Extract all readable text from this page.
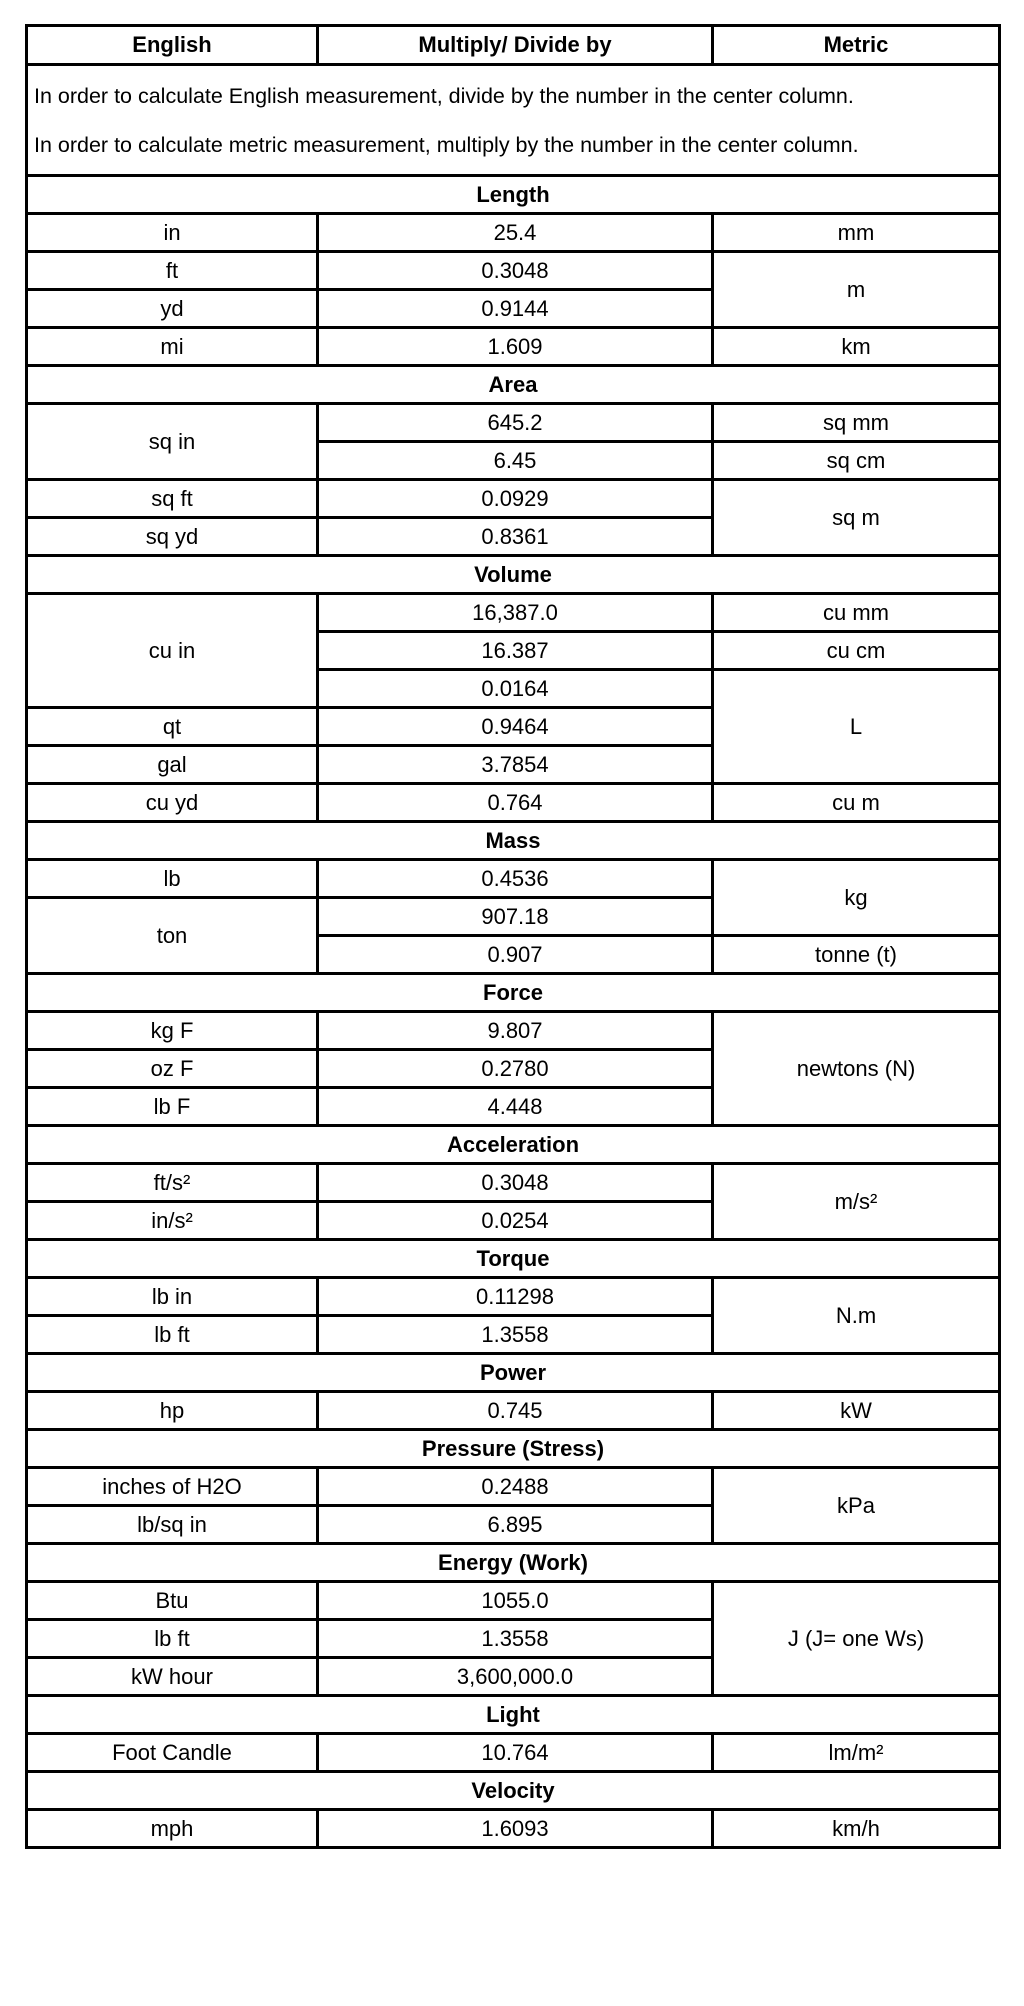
English	Multiply/ Divide by	Metric

In order to calculate English measurement, divide by the number in the center column.

In order to calculate metric measurement, multiply by the number in the center column.		

Length		
in	25.4	mm
ft	0.3048	m
yd	0.9144	
mi	1.609	km
Area		
sq in	645.2	sq mm
	6.45	sq cm
sq ft	0.0929	sq m
sq yd	0.8361	
Volume		
cu in	16,387.0	cu mm
	16.387	cu cm
	0.0164	L
qt	0.9464	
gal	3.7854	
cu yd	0.764	cu m
Mass		
lb	0.4536	kg
ton	907.18	
	0.907	tonne (t)
Force		
kg F	9.807	newtons (N)
oz F	0.2780	
lb F	4.448	
Acceleration		
ft/s²	0.3048	m/s²
in/s²	0.0254	
Torque		
lb in	0.11298	N.m
lb ft	1.3558	
Power		
hp	0.745	kW
Pressure (Stress)		
inches of H2O	0.2488	kPa
lb/sq in	6.895	
Energy (Work)		
Btu	1055.0	J (J= one Ws)
lb ft	1.3558	
kW hour	3,600,000.0	
Light		
Foot Candle	10.764	lm/m²
Velocity		
mph	1.6093	km/h
